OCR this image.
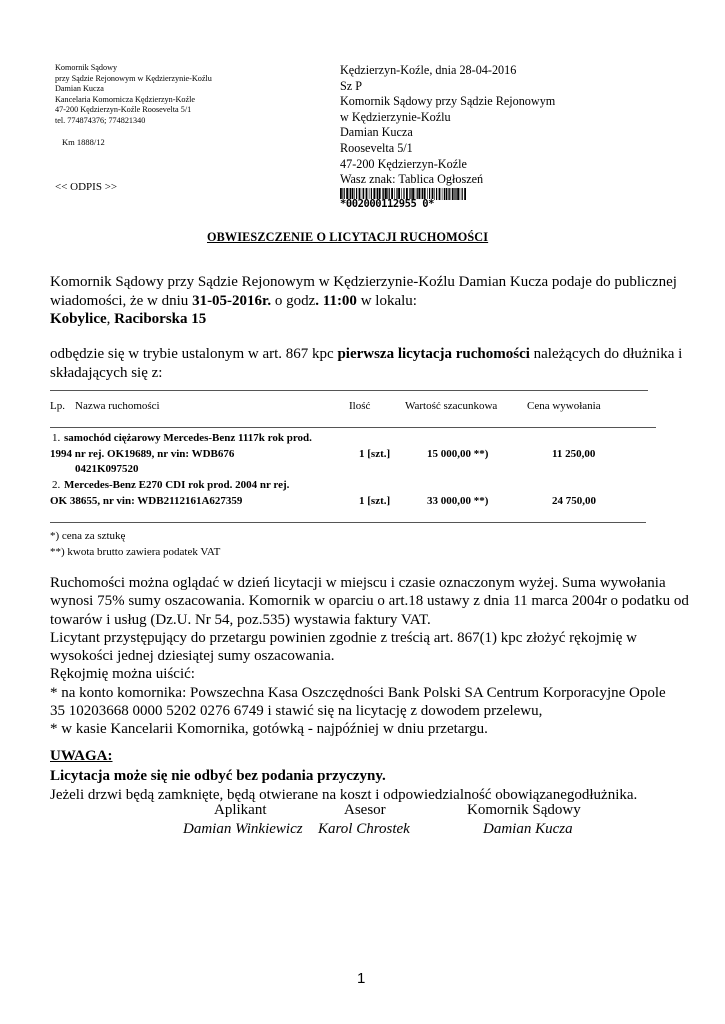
Komornik Sądowy
przy Sądzie Rejonowym w Kędzierzynie-Koźlu
Damian Kucza
Kancelaria Komornicza Kędzierzyn-Koźle
47-200 Kędzierzyn-Koźle Roosevelta 5/1
tel. 774874376; 774821340
Km 1888/12
<< ODPIS >>
Kędzierzyn-Koźle, dnia 28-04-2016
Sz P
Komornik Sądowy przy Sądzie Rejonowym
w Kędzierzynie-Koźlu
Damian Kucza
Roosevelta 5/1
47-200 Kędzierzyn-Koźle
Wasz znak: Tablica Ogłoszeń
*002000112955 0*
OBWIESZCZENIE O LICYTACJI RUCHOMOŚCI
Komornik Sądowy przy Sądzie Rejonowym w Kędzierzynie-Koźlu Damian Kucza podaje do publicznej
wiadomości, że w dniu 31-05-2016r. o godz. 11:00 w lokalu:
Kobylice, Raciborska 15
odbędzie się w trybie ustalonym w art. 867 kpc pierwsza licytacja ruchomości należących do dłużnika i
składających się z:
Lp. Nazwa ruchomości	Ilość	Wartość szacunkowa	Cena wywołania
1. samochód ciężarowy Mercedes-Benz 1117k rok prod.
1994 nr rej. OK19689, nr vin: WDB676
0421K097520
1 [szt.]	15 000,00 **)	11 250,00
2. Mercedes-Benz E270 CDI rok prod. 2004 nr rej.
OK 38655, nr vin: WDB2112161A627359	1 [szt.]	33 000,00 **)	24 750,00
*) cena za sztukę
**) kwota brutto zawiera podatek VAT
Ruchomości można oglądać w dzień licytacji w miejscu i czasie oznaczonym wyżej. Suma wywołania
wynosi 75% sumy oszacowania. Komornik w oparciu o art.18 ustawy z dnia 11 marca 2004r o podatku od
towarów i usług (Dz.U. Nr 54, poz.535) wystawia faktury VAT.
Licytant przystępujący do przetargu powinien zgodnie z treścią art. 867(1) kpc złożyć rękojmię w
wysokości jednej dziesiątej sumy oszacowania.
Rękojmię można uiścić:
* na konto komornika: Powszechna Kasa Oszczędności Bank Polski SA Centrum Korporacyjne Opole
35 10203668 0000 5202 0276 6749 i stawić się na licytację z dowodem przelewu,
* w kasie Kancelarii Komornika, gotówką - najpóźniej w dniu przetargu.
UWAGA:
Licytacja może się nie odbyć bez podania przyczyny.
Jeżeli drzwi będą zamknięte, będą otwierane na koszt i odpowiedzialność obowiązanegodłużnika.
Aplikant	Asesor	Komornik Sądowy
Damian Winkiewicz Karol Chrostek	Damian Kucza
1
